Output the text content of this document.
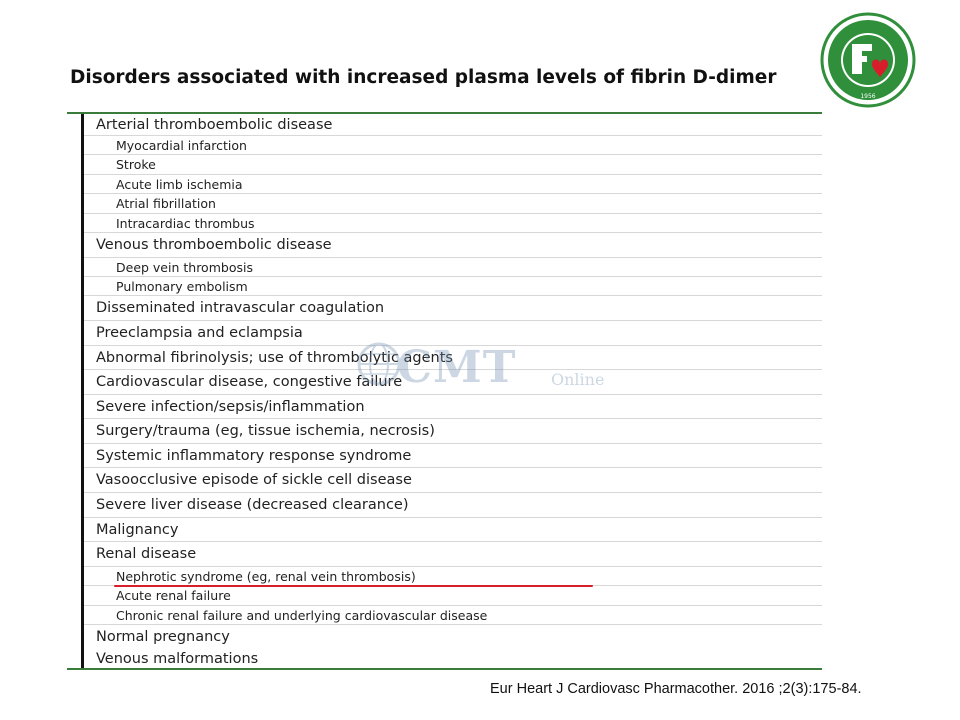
Disorders associated with increased plasma levels of fibrin D-dimer
1956
Arterial thromboembolic disease
Myocardial infarction
Stroke
Acute limb ischemia
Atrial fibrillation
Intracardiac thrombus
Venous thromboembolic disease
Deep vein thrombosis
Pulmonary embolism
Disseminated intravascular coagulation
Preeclampsia and eclampsia
Abnormal fibrinolysis; use of thrombolytic agents
Cardiovascular disease, congestive failure
Severe infection/sepsis/inflammation
Surgery/trauma (eg, tissue ischemia, necrosis)
Systemic inflammatory response syndrome
Vasoocclusive episode of sickle cell disease
Severe liver disease (decreased clearance)
Malignancy
Renal disease
Nephrotic syndrome (eg, renal vein thrombosis)
Acute renal failure
Chronic renal failure and underlying cardiovascular disease
Normal pregnancy
Venous malformations
CMT Online
Eur Heart J Cardiovasc Pharmacother. 2016 ;2(3):175-84.
